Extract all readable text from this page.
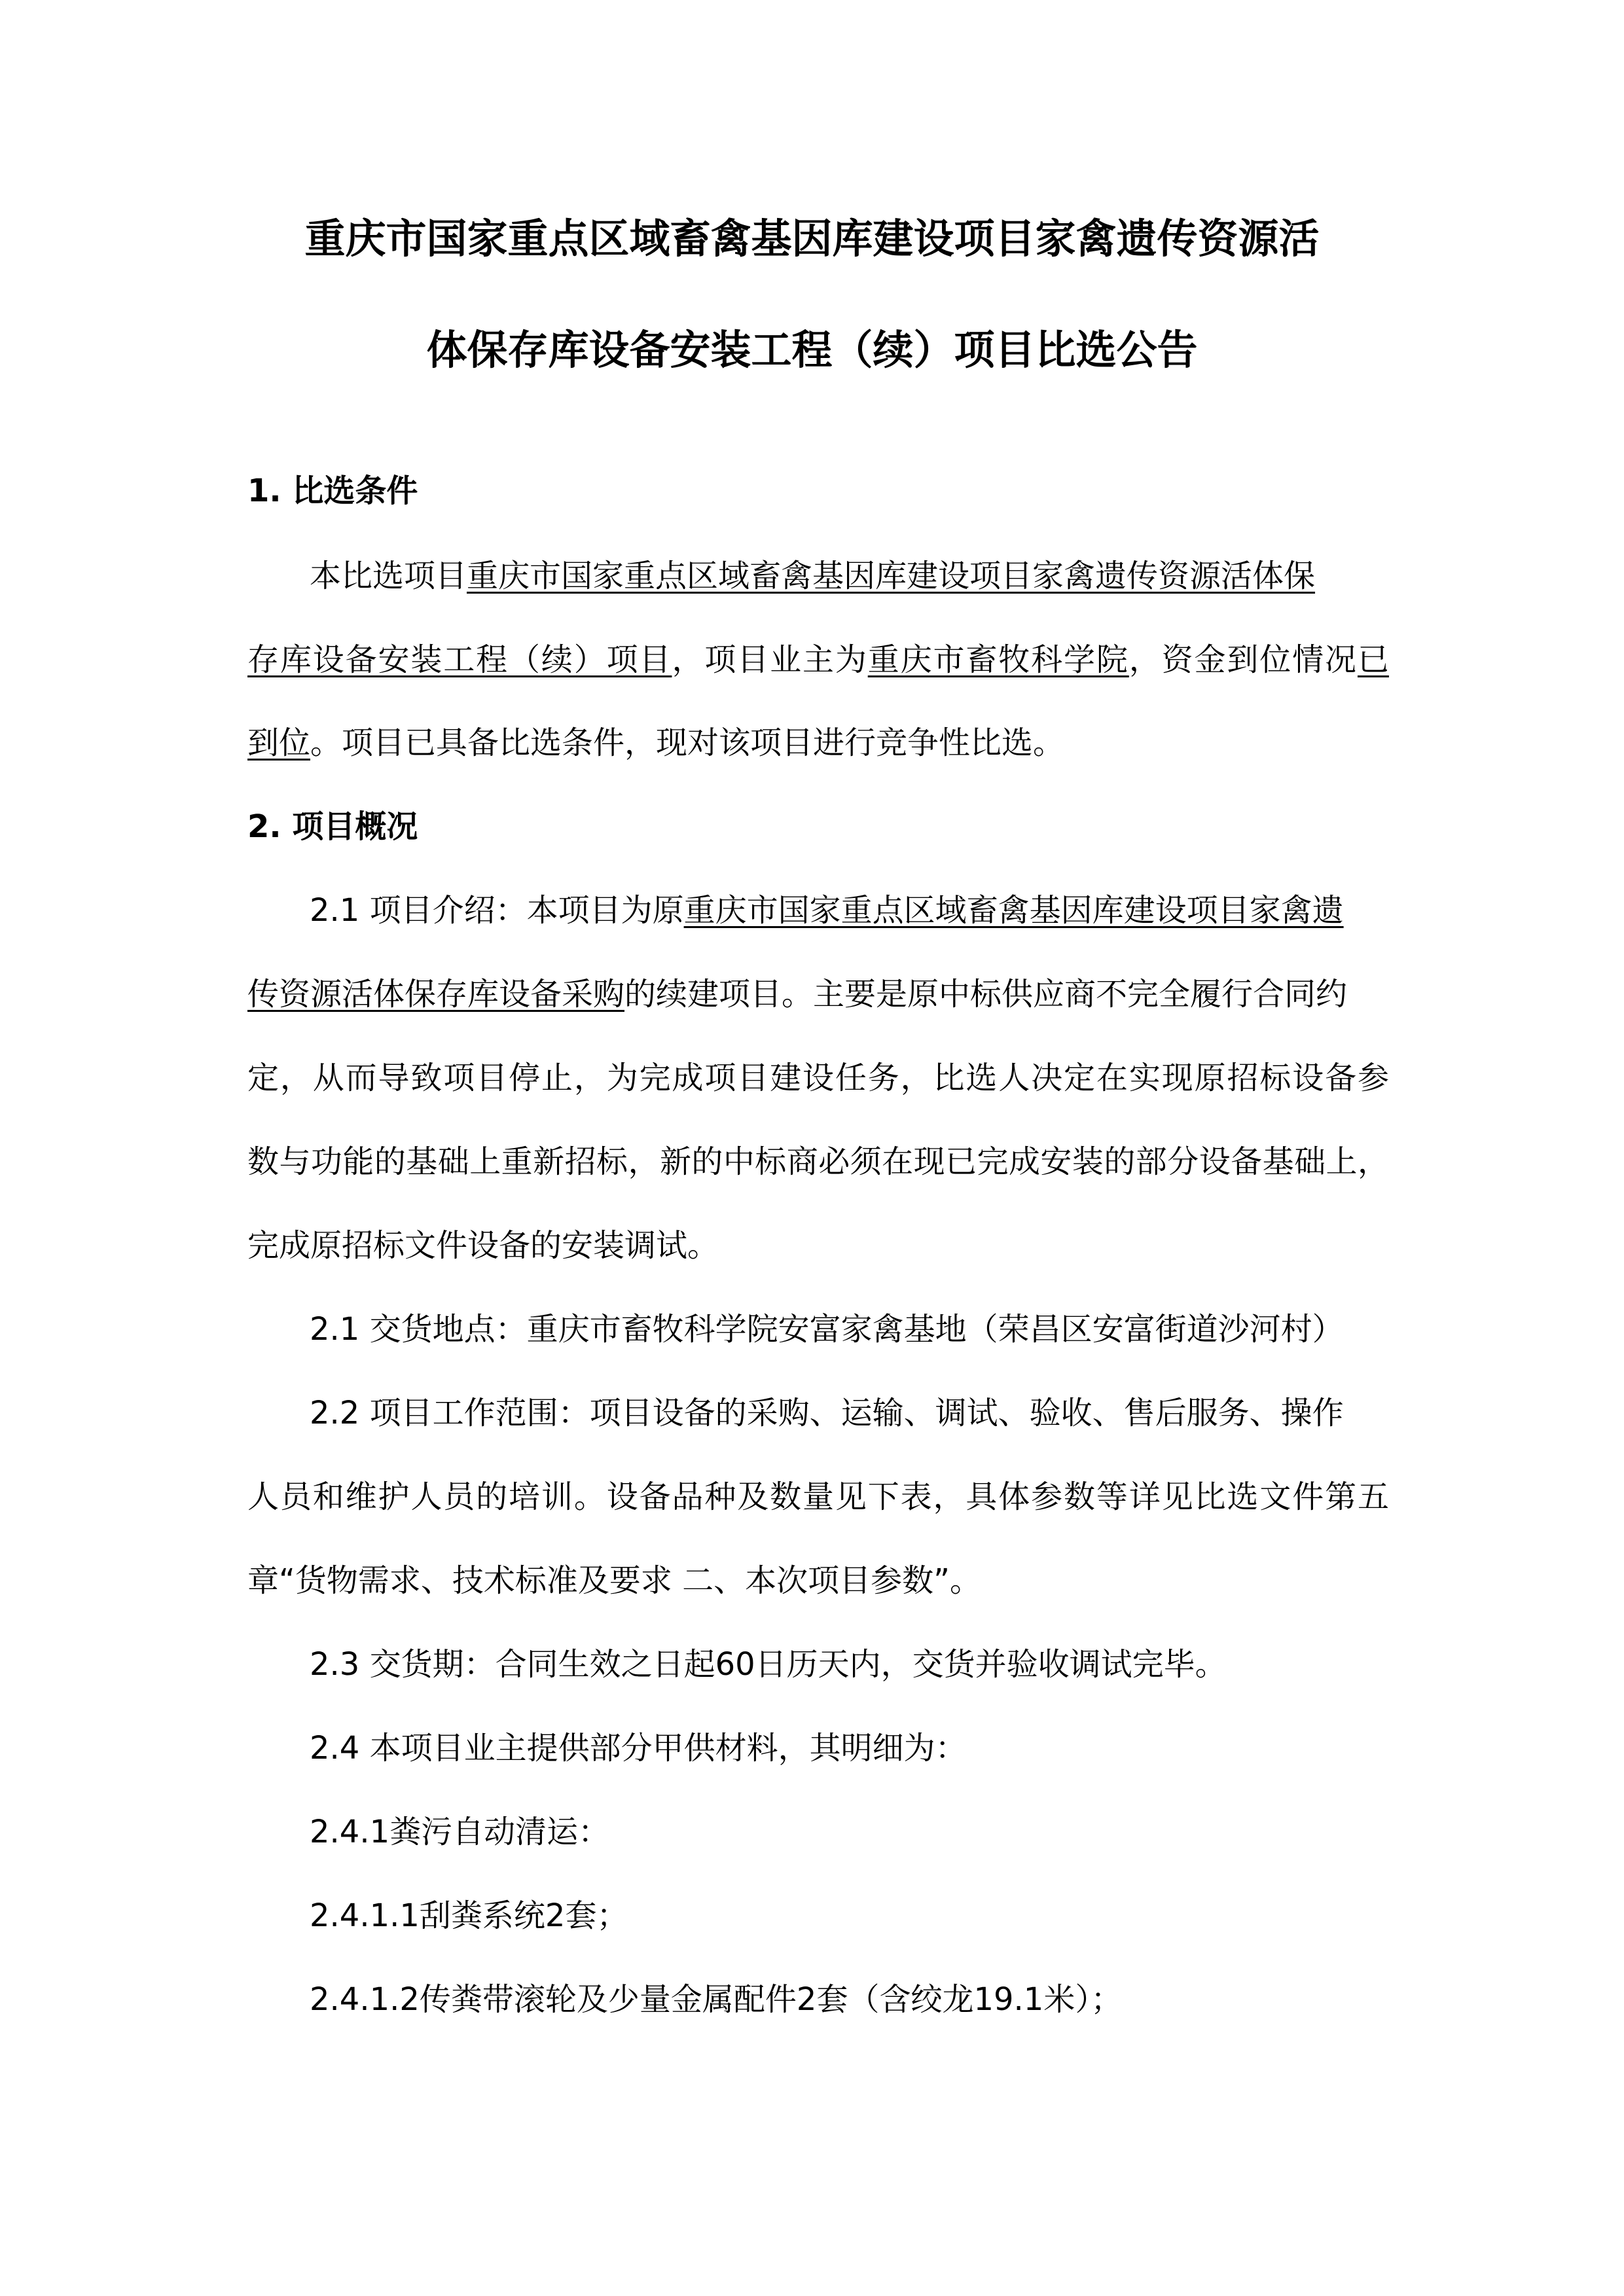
重庆市国家重点区域畜禽基因库建设项目家禽遗传资源活
体保存库设备安装工程（续）项目比选公告
1. 比选条件
本比选项目重庆市国家重点区域畜禽基因库建设项目家禽遗传资源活体保
存库设备安装工程（续）项目，项目业主为重庆市畜牧科学院，资金到位情况已
到位。项目已具备比选条件，现对该项目进行竞争性比选。
2. 项目概况
2.1 项目介绍：本项目为原重庆市国家重点区域畜禽基因库建设项目家禽遗
传资源活体保存库设备采购的续建项目。主要是原中标供应商不完全履行合同约
定，从而导致项目停止，为完成项目建设任务，比选人决定在实现原招标设备参
数与功能的基础上重新招标，新的中标商必须在现已完成安装的部分设备基础上，
完成原招标文件设备的安装调试。
2.1 交货地点：重庆市畜牧科学院安富家禽基地（荣昌区安富街道沙河村）
2.2 项目工作范围：项目设备的采购、运输、调试、验收、售后服务、操作
人员和维护人员的培训。设备品种及数量见下表，具体参数等详见比选文件第五
章“货物需求、技术标准及要求 二、本次项目参数”。
2.3 交货期：合同生效之日起60日历天内，交货并验收调试完毕。
2.4 本项目业主提供部分甲供材料，其明细为：
2.4.1粪污自动清运：
2.4.1.1刮粪系统2套；
2.4.1.2传粪带滚轮及少量金属配件2套（含绞龙19.1米）；
